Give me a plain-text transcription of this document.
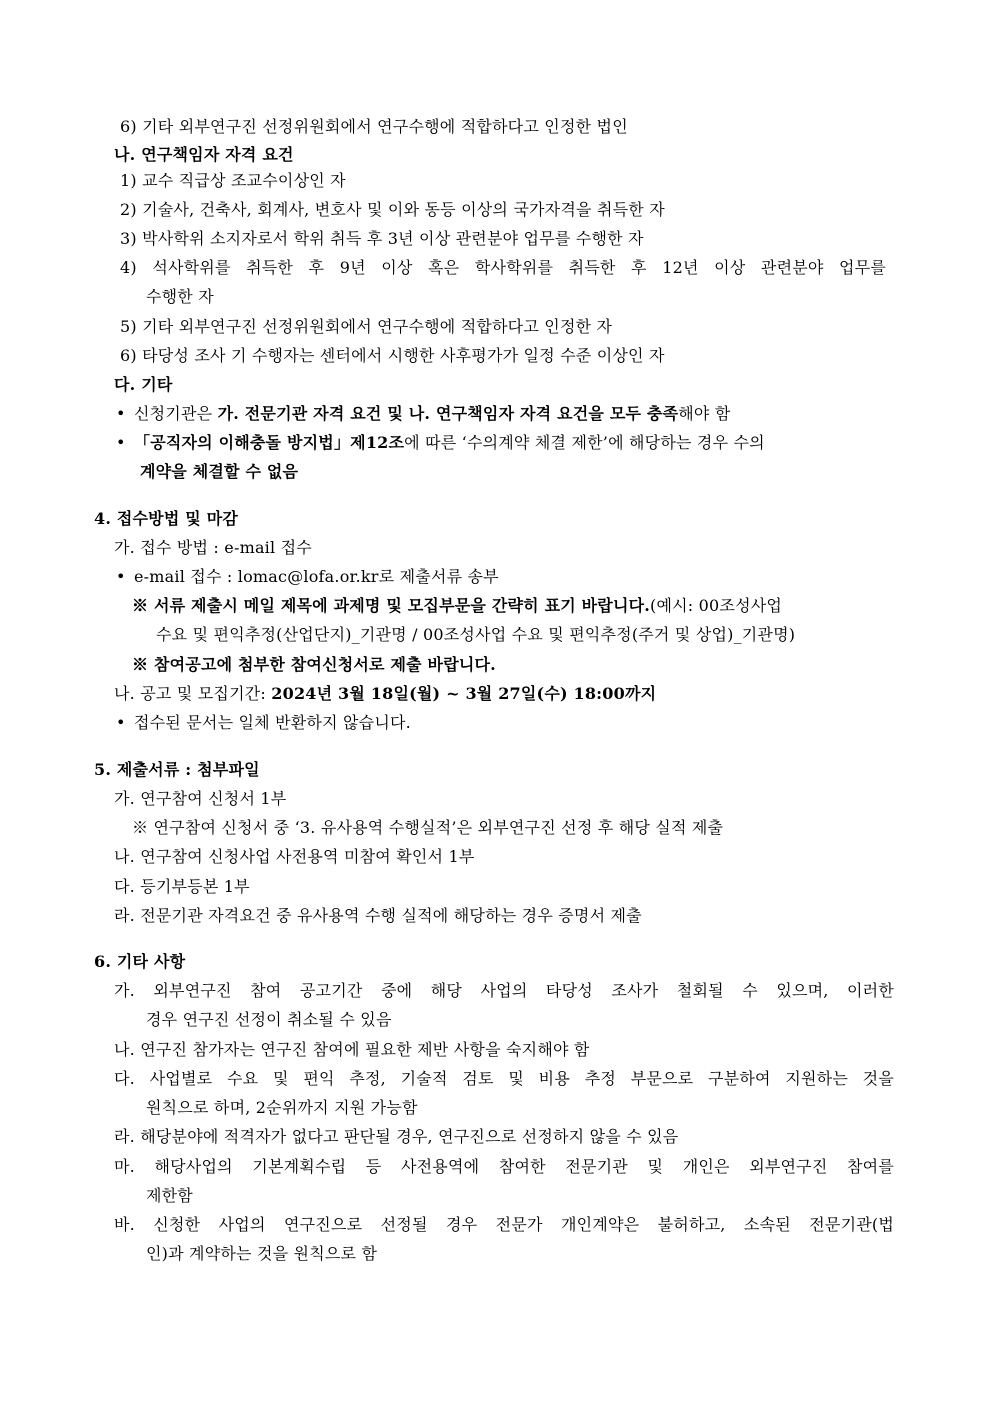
6) 기타 외부연구진 선정위원회에서 연구수행에 적합하다고 인정한 법인
나. 연구책임자 자격 요건
1) 교수 직급상 조교수이상인 자
2) 기술사, 건축사, 회계사, 변호사 및 이와 동등 이상의 국가자격을 취득한 자
3) 박사학위 소지자로서 학위 취득 후 3년 이상 관련분야 업무를 수행한 자
4) 석사학위를 취득한 후 9년 이상 혹은 학사학위를 취득한 후 12년 이상 관련분야 업무를
수행한 자
5) 기타 외부연구진 선정위원회에서 연구수행에 적합하다고 인정한 자
6) 타당성 조사 기 수행자는 센터에서 시행한 사후평가가 일정 수준 이상인 자
다. 기타
• 신청기관은 가. 전문기관 자격 요건 및 나. 연구책임자 자격 요건을 모두 충족해야 함
• 「공직자의 이해충돌 방지법」제12조에 따른 ‘수의계약 체결 제한’에 해당하는 경우 수의
계약을 체결할 수 없음
4. 접수방법 및 마감
가. 접수 방법 : e-mail 접수
• e-mail 접수 : lomac@lofa.or.kr로 제출서류 송부
※ 서류 제출시 메일 제목에 과제명 및 모집부문을 간략히 표기 바랍니다.(예시: 00조성사업
수요 및 편익추정(산업단지)_기관명 / 00조성사업 수요 및 편익추정(주거 및 상업)_기관명)
※ 참여공고에 첨부한 참여신청서로 제출 바랍니다.
나. 공고 및 모집기간: 2024년 3월 18일(월) ~ 3월 27일(수) 18:00까지
• 접수된 문서는 일체 반환하지 않습니다.
5. 제출서류 : 첨부파일
가. 연구참여 신청서 1부
※ 연구참여 신청서 중 ‘3. 유사용역 수행실적’은 외부연구진 선정 후 해당 실적 제출
나. 연구참여 신청사업 사전용역 미참여 확인서 1부
다. 등기부등본 1부
라. 전문기관 자격요건 중 유사용역 수행 실적에 해당하는 경우 증명서 제출
6. 기타 사항
가. 외부연구진 참여 공고기간 중에 해당 사업의 타당성 조사가 철회될 수 있으며, 이러한
경우 연구진 선정이 취소될 수 있음
나. 연구진 참가자는 연구진 참여에 필요한 제반 사항을 숙지해야 함
다. 사업별로 수요 및 편익 추정, 기술적 검토 및 비용 추정 부문으로 구분하여 지원하는 것을
원칙으로 하며, 2순위까지 지원 가능함
라. 해당분야에 적격자가 없다고 판단될 경우, 연구진으로 선정하지 않을 수 있음
마. 해당사업의 기본계획수립 등 사전용역에 참여한 전문기관 및 개인은 외부연구진 참여를
제한함
바. 신청한 사업의 연구진으로 선정될 경우 전문가 개인계약은 불허하고, 소속된 전문기관(법
인)과 계약하는 것을 원칙으로 함
